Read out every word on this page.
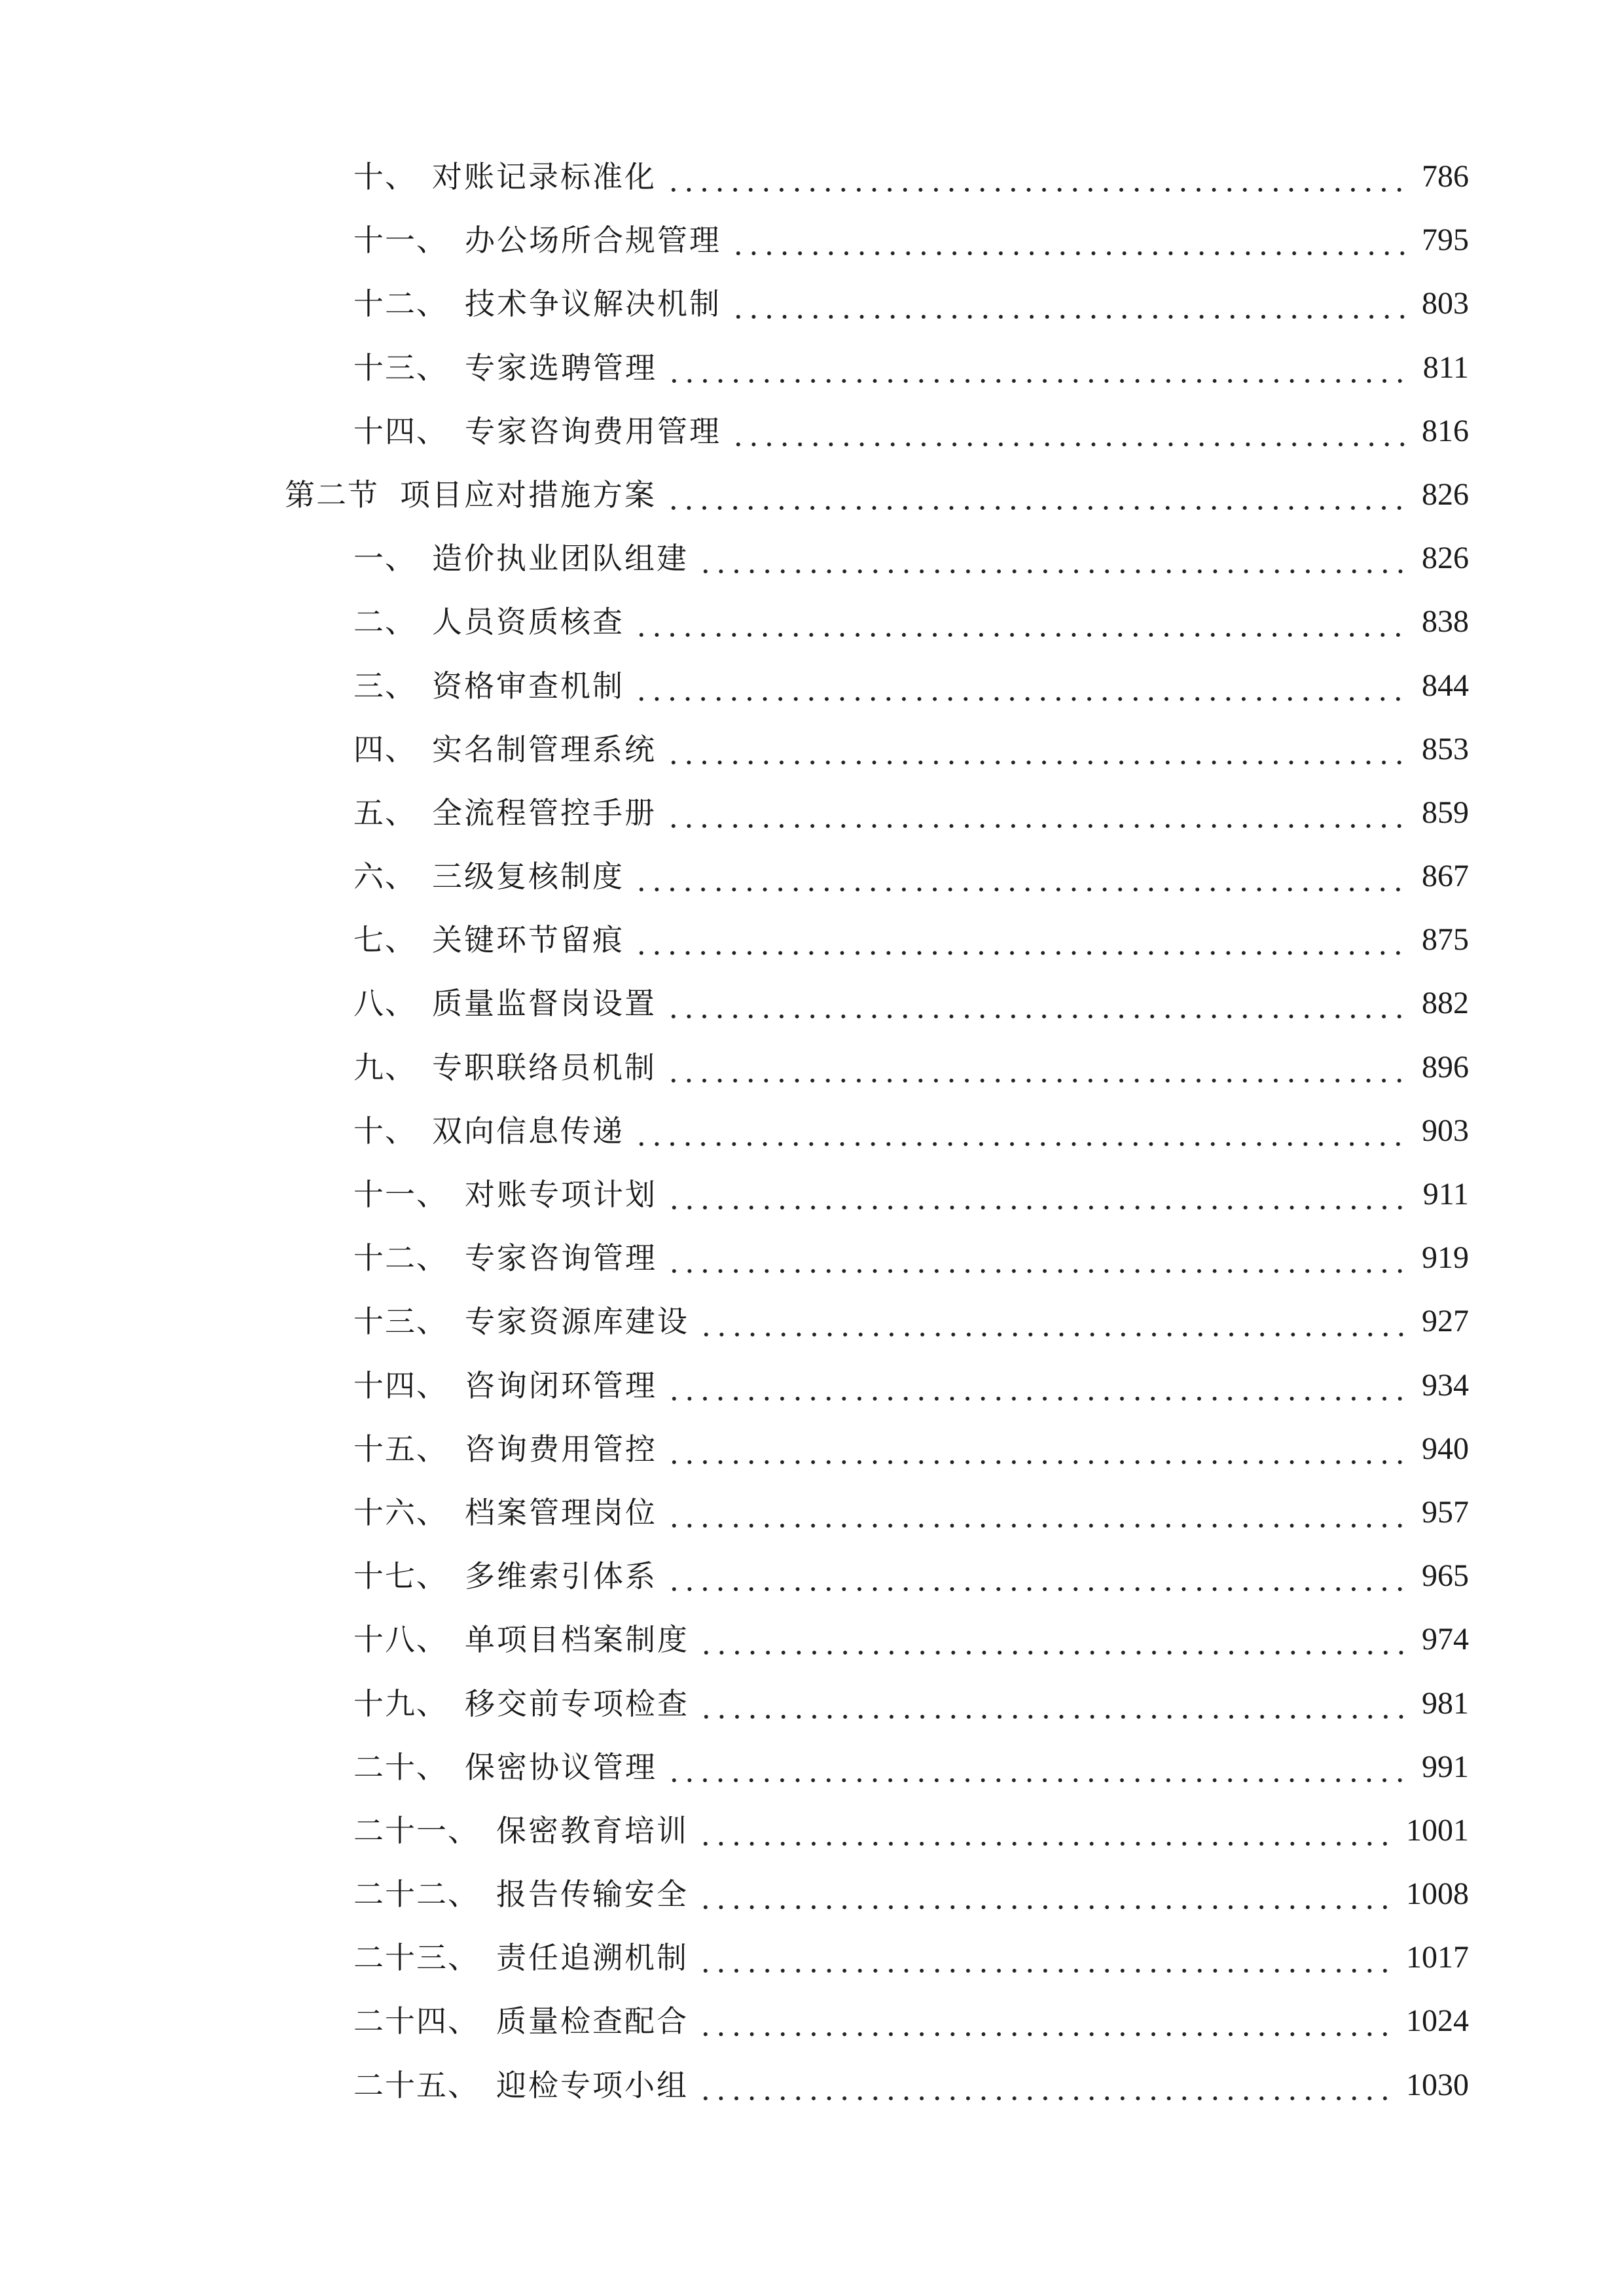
十、 对账记录标准化	786
十一、 办公场所合规管理	795
十二、 技术争议解决机制	803
十三、 专家选聘管理	811
十四、 专家咨询费用管理	816
第二节 项目应对措施方案	826
一、 造价执业团队组建	826
二、 人员资质核查	838
三、 资格审查机制	844
四、 实名制管理系统	853
五、 全流程管控手册	859
六、 三级复核制度	867
七、 关键环节留痕	875
八、 质量监督岗设置	882
九、 专职联络员机制	896
十、 双向信息传递	903
十一、 对账专项计划	911
十二、 专家咨询管理	919
十三、 专家资源库建设	927
十四、 咨询闭环管理	934
十五、 咨询费用管控	940
十六、 档案管理岗位	957
十七、 多维索引体系	965
十八、 单项目档案制度	974
十九、 移交前专项检查	981
二十、 保密协议管理	991
二十一、 保密教育培训	1001
二十二、 报告传输安全	1008
二十三、 责任追溯机制	1017
二十四、 质量检查配合	1024
二十五、 迎检专项小组	1030
